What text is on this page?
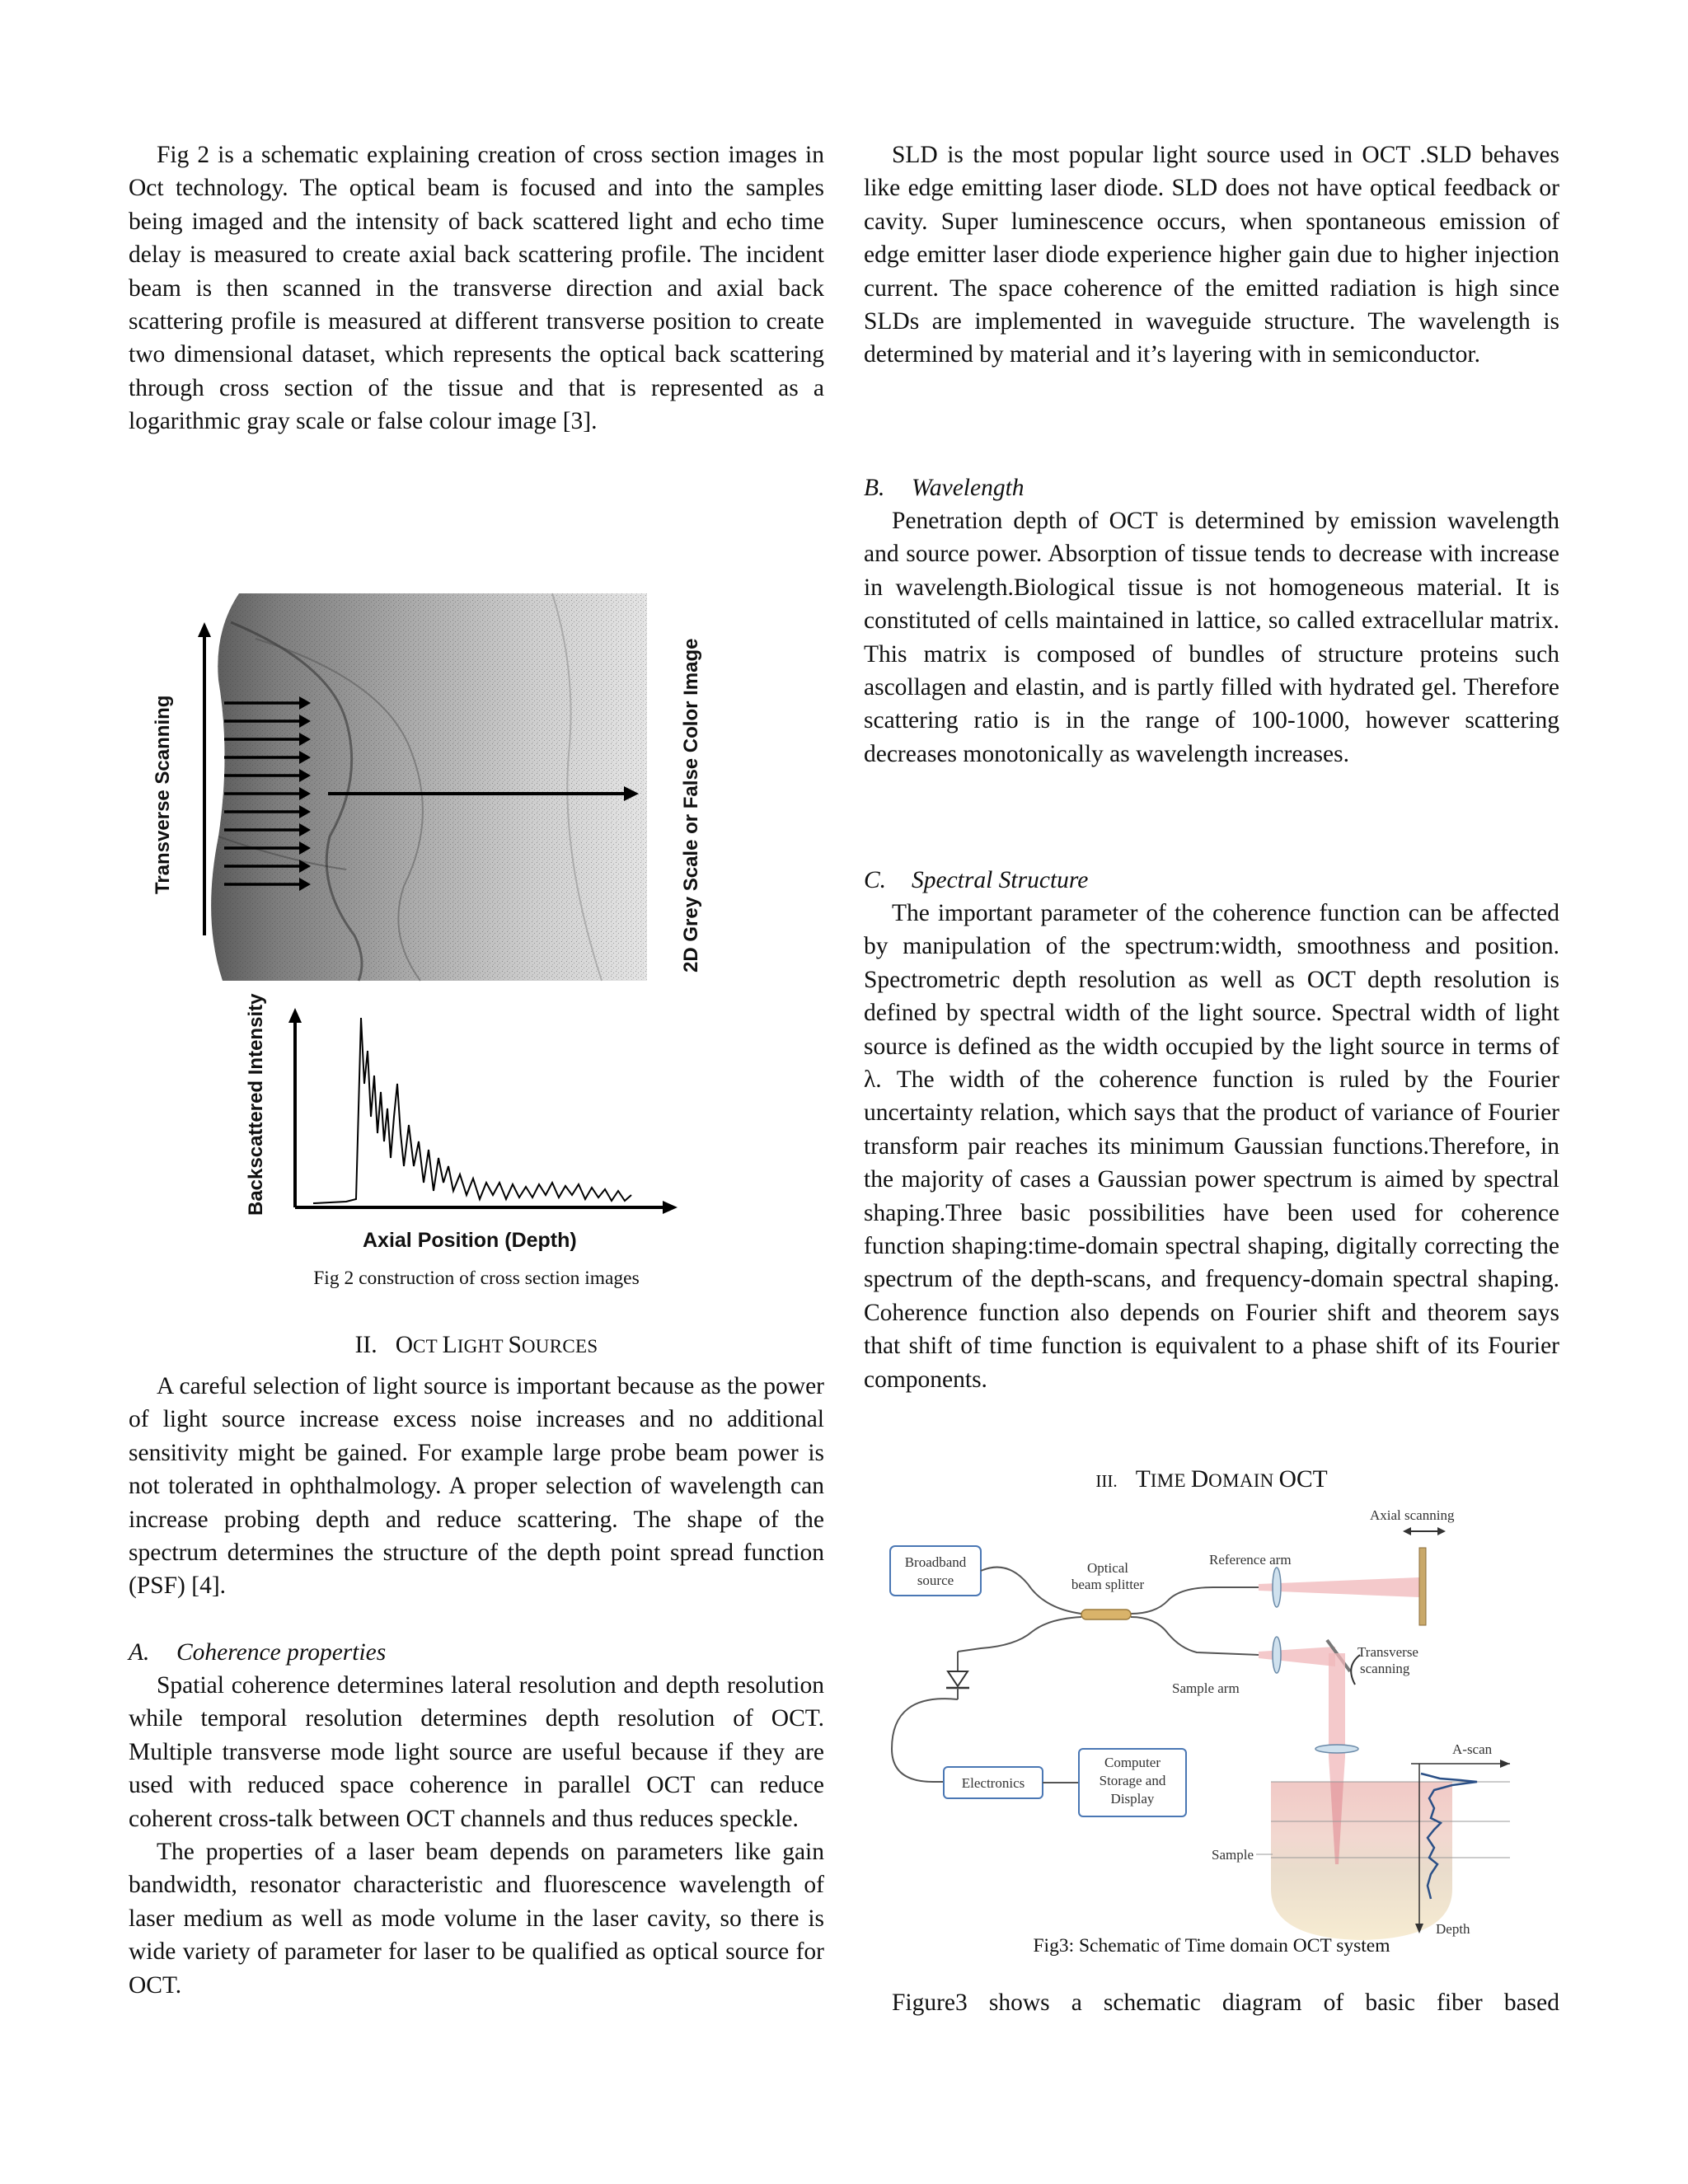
Fig 2 is a schematic explaining creation of cross section images in Oct technology. The optical beam is focused and into the samples being imaged and the intensity of back scattered light and echo time delay is measured to create axial back scattering profile. The incident beam is then scanned in the transverse direction and axial back scattering profile is measured at different transverse position to create two dimensional dataset, which represents the optical back scattering through cross section of the tissue and that is represented as a logarithmic gray scale or false colour image [3].

Transverse Scanning	2D Grey Scale or False Color Image
Backscattered Intensity
Axial Position (Depth)

Fig 2 construction of cross section images

II. OCT LIGHT SOURCES

A careful selection of light source is important because as the power of light source increase excess noise increases and no additional sensitivity might be gained. For example large probe beam power is not tolerated in ophthalmology. A proper selection of wavelength can increase probing depth and reduce scattering. The shape of the spectrum determines the structure of the depth point spread function (PSF) [4].

A. Coherence properties

Spatial coherence determines lateral resolution and depth resolution while temporal resolution determines depth resolution of OCT. Multiple transverse mode light source are useful because if they are used with reduced space coherence in parallel OCT can reduce coherent cross-talk between OCT channels and thus reduces speckle.

The properties of a laser beam depends on parameters like gain bandwidth, resonator characteristic and fluorescence wavelength of laser medium as well as mode volume in the laser cavity, so there is wide variety of parameter for laser to be qualified as optical source for OCT.

SLD is the most popular light source used in OCT .SLD behaves like edge emitting laser diode. SLD does not have optical feedback or cavity. Super luminescence occurs, when spontaneous emission of edge emitter laser diode experience higher gain due to higher injection current. The space coherence of the emitted radiation is high since SLDs are implemented in waveguide structure. The wavelength is determined by material and it’s layering with in semiconductor.

B. Wavelength

Penetration depth of OCT is determined by emission wavelength and source power. Absorption of tissue tends to decrease with increase in wavelength.Biological tissue is not homogeneous material. It is constituted of cells maintained in lattice, so called extracellular matrix. This matrix is composed of bundles of structure proteins such ascollagen and elastin, and is partly filled with hydrated gel. Therefore scattering ratio is in the range of 100-1000, however scattering decreases monotonically as wavelength increases.

C. Spectral Structure

The important parameter of the coherence function can be affected by manipulation of the spectrum:width, smoothness and position. Spectrometric depth resolution as well as OCT depth resolution is defined by spectral width of the light source. Spectral width of light source is defined as the width occupied by the light source in terms of λ. The width of the coherence function is ruled by the Fourier uncertainty relation, which says that the product of variance of Fourier transform pair reaches its minimum Gaussian functions.Therefore, in the majority of cases a Gaussian power spectrum is aimed by spectral shaping.Three basic possibilities have been used for coherence function shaping:time-domain spectral shaping, digitally correcting the spectrum of the depth-scans, and frequency-domain spectral shaping. Coherence function also depends on Fourier shift and theorem says that shift of time function is equivalent to a phase shift of its Fourier components.

III. TIME DOMAIN OCT

Broadband
source
Optical
beam splitter
Reference arm
Axial scanning
Sample arm
Transverse
scanning
Electronics
Computer
Storage and
Display
Sample
A-scan
Depth

Fig3: Schematic of Time domain OCT system

Figure3 shows a schematic diagram of basic fiber based
